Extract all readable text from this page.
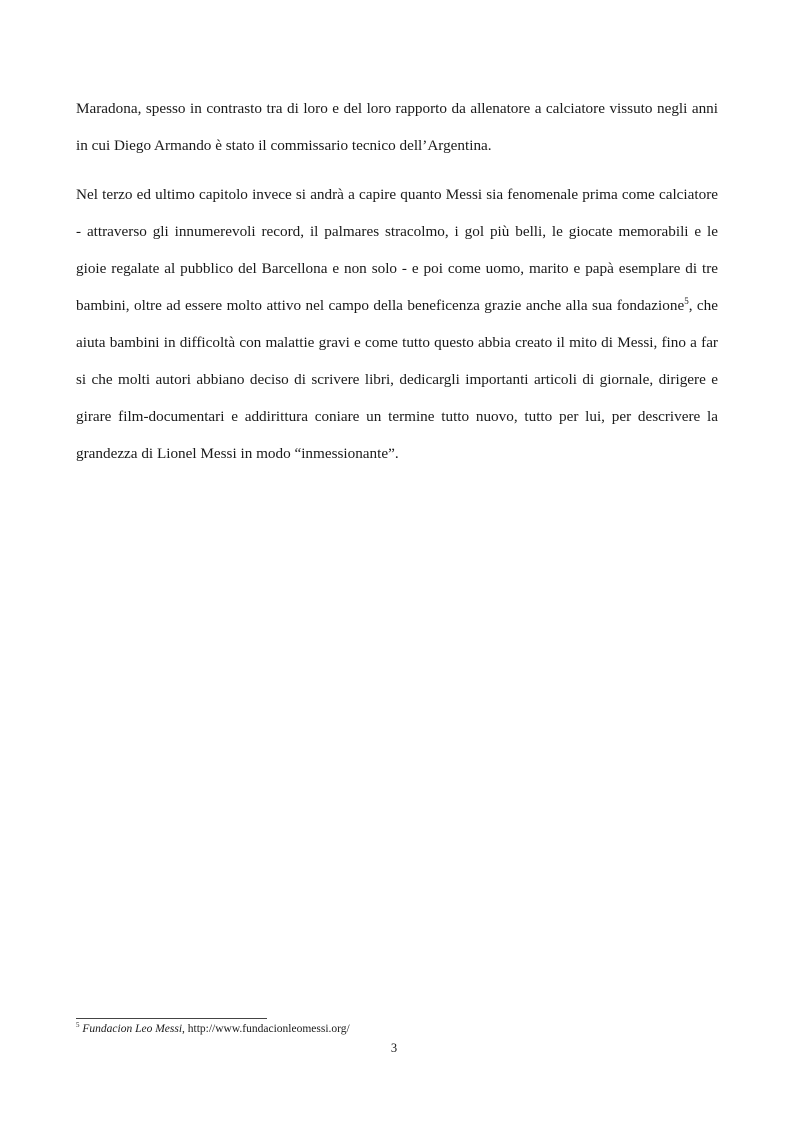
Maradona, spesso in contrasto tra di loro e del loro rapporto da allenatore a calciatore vissuto negli anni in cui Diego Armando è stato il commissario tecnico dell’Argentina.

Nel terzo ed ultimo capitolo invece si andrà a capire quanto Messi sia fenomenale prima come calciatore - attraverso gli innumerevoli record, il palmares stracolmo, i gol più belli, le giocate memorabili e le gioie regalate al pubblico del Barcellona e non solo - e poi come uomo, marito e papà esemplare di tre bambini, oltre ad essere molto attivo nel campo della beneficenza grazie anche alla sua fondazione$^5$, che aiuta bambini in difficoltà con malattie gravi e come tutto questo abbia creato il mito di Messi, fino a far si che molti autori abbiano deciso di scrivere libri, dedicargli importanti articoli di giornale, dirigere e girare film-documentari e addirittura coniare un termine tutto nuovo, tutto per lui, per descrivere la grandezza di Lionel Messi in modo “inmessionante”.

$^5$ Fundacion Leo Messi, http://www.fundacionleomessi.org/
3
